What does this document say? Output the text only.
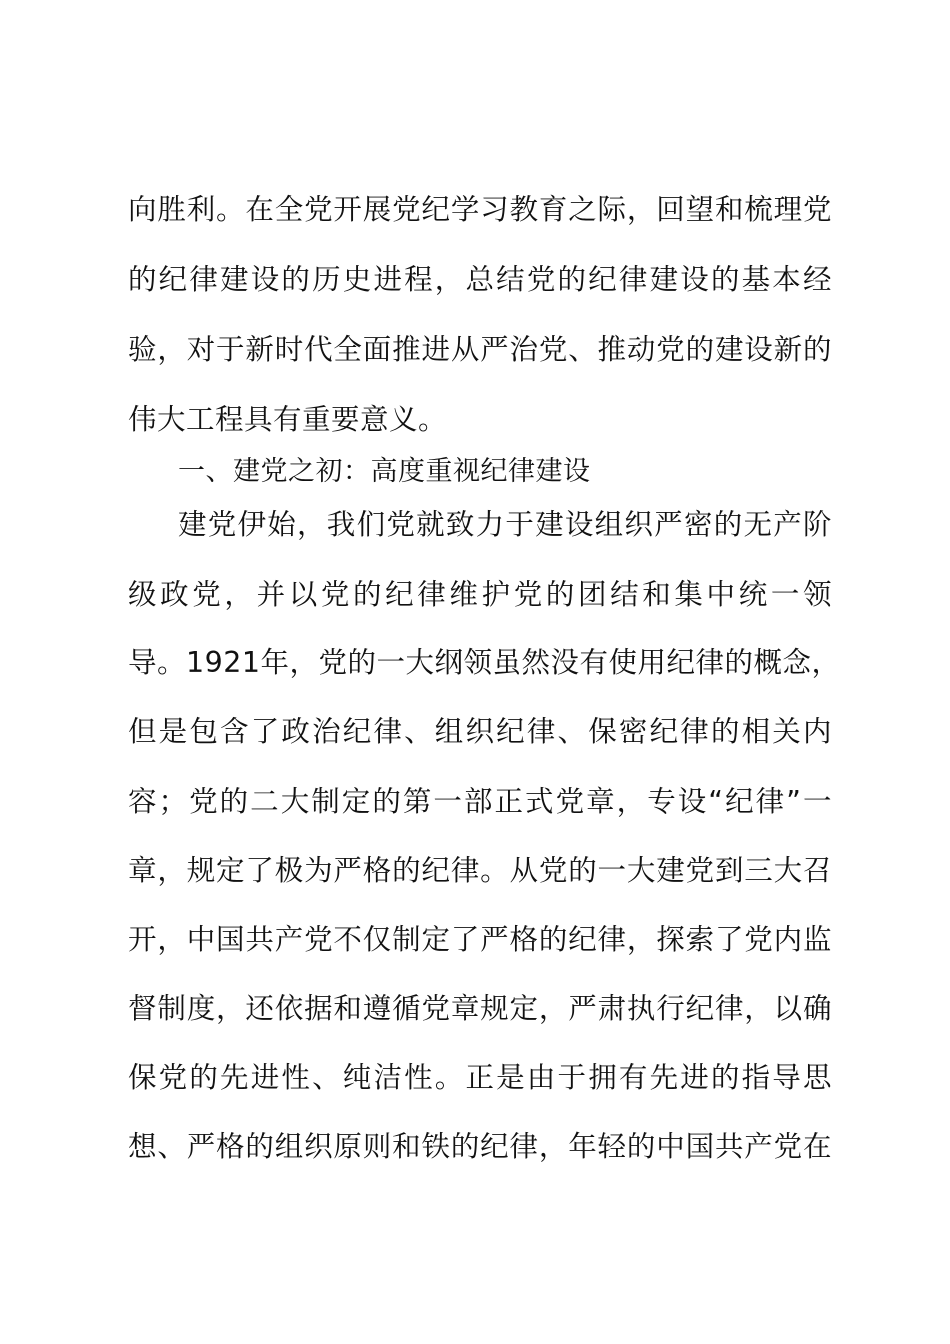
向胜利。在全党开展党纪学习教育之际，回望和梳理党
的纪律建设的历史进程，总结党的纪律建设的基本经
验，对于新时代全面推进从严治党、推动党的建设新的
伟大工程具有重要意义。
一、建党之初：高度重视纪律建设
建党伊始，我们党就致力于建设组织严密的无产阶
级政党，并以党的纪律维护党的团结和集中统一领
导。1921年，党的一大纲领虽然没有使用纪律的概念，
但是包含了政治纪律、组织纪律、保密纪律的相关内
容；党的二大制定的第一部正式党章，专设“纪律”一
章，规定了极为严格的纪律。从党的一大建党到三大召
开，中国共产党不仅制定了严格的纪律，探索了党内监
督制度，还依据和遵循党章规定，严肃执行纪律，以确
保党的先进性、纯洁性。正是由于拥有先进的指导思
想、严格的组织原则和铁的纪律，年轻的中国共产党在
